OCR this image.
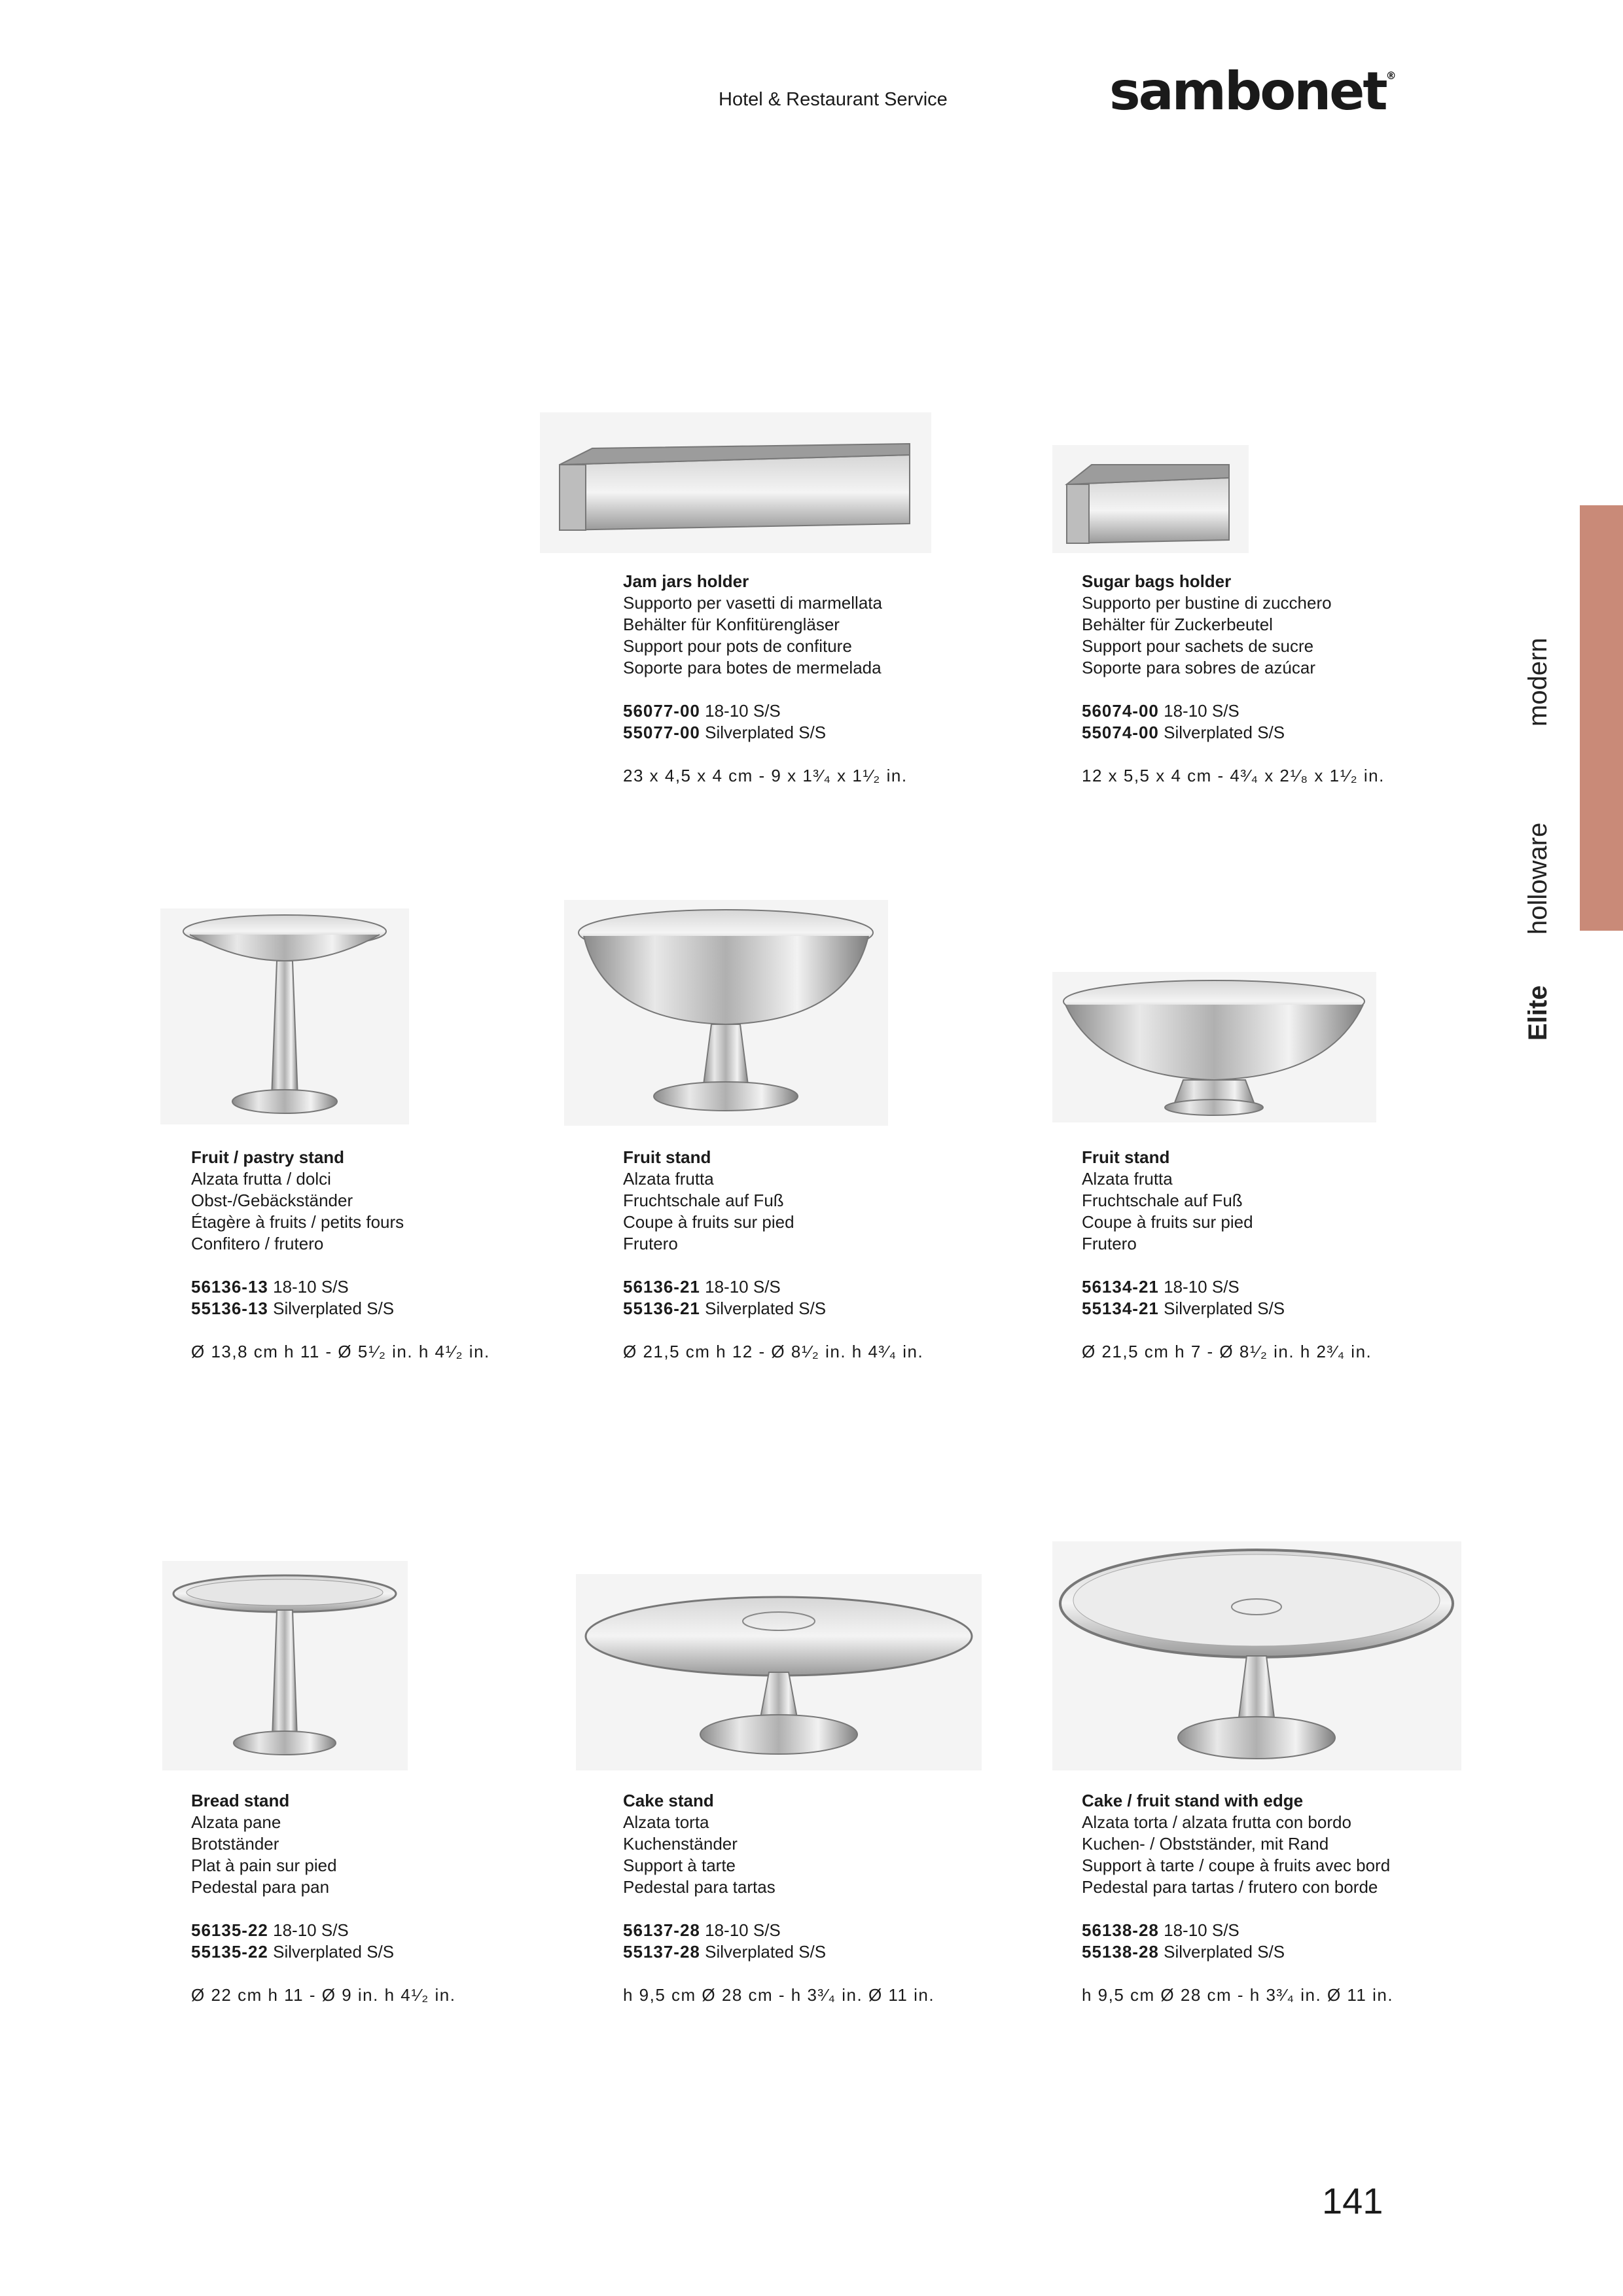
Hotel & Restaurant Service	sambonet®
modern
holloware
Elite
Jam jars holder
Supporto per vasetti di marmellata
Behälter für Konfitürengläser
Support pour pots de confiture
Soporte para botes de mermelada
56077-00 18-10 S/S
55077-00 Silverplated S/S
23 x 4,5 x 4 cm - 9 x 1³⁄₄ x 1¹⁄₂ in.
Sugar bags holder
Supporto per bustine di zucchero
Behälter für Zuckerbeutel
Support pour sachets de sucre
Soporte para sobres de azúcar
56074-00 18-10 S/S
55074-00 Silverplated S/S
12 x 5,5 x 4 cm - 4³⁄₄ x 2¹⁄₈ x 1¹⁄₂ in.
Fruit / pastry stand
Alzata frutta / dolci
Obst-/Gebäckständer
Étagère à fruits / petits fours
Confitero / frutero
56136-13 18-10 S/S
55136-13 Silverplated S/S
Ø 13,8 cm h 11 - Ø 5¹⁄₂ in. h 4¹⁄₂ in.
Fruit stand
Alzata frutta
Fruchtschale auf Fuß
Coupe à fruits sur pied
Frutero
56136-21 18-10 S/S
55136-21 Silverplated S/S
Ø 21,5 cm h 12 - Ø 8¹⁄₂ in. h 4³⁄₄ in.
Fruit stand
Alzata frutta
Fruchtschale auf Fuß
Coupe à fruits sur pied
Frutero
56134-21 18-10 S/S
55134-21 Silverplated S/S
Ø 21,5 cm h 7 - Ø 8¹⁄₂ in. h 2³⁄₄ in.
Bread stand
Alzata pane
Brotständer
Plat à pain sur pied
Pedestal para pan
56135-22 18-10 S/S
55135-22 Silverplated S/S
Ø 22 cm h 11 - Ø 9 in. h 4¹⁄₂ in.
Cake stand
Alzata torta
Kuchenständer
Support à tarte
Pedestal para tartas
56137-28 18-10 S/S
55137-28 Silverplated S/S
h 9,5 cm Ø 28 cm - h 3³⁄₄ in. Ø 11 in.
Cake / fruit stand with edge
Alzata torta / alzata frutta con bordo
Kuchen- / Obstständer, mit Rand
Support à tarte / coupe à fruits avec bord
Pedestal para tartas / frutero con borde
56138-28 18-10 S/S
55138-28 Silverplated S/S
h 9,5 cm Ø 28 cm - h 3³⁄₄ in. Ø 11 in.
141
